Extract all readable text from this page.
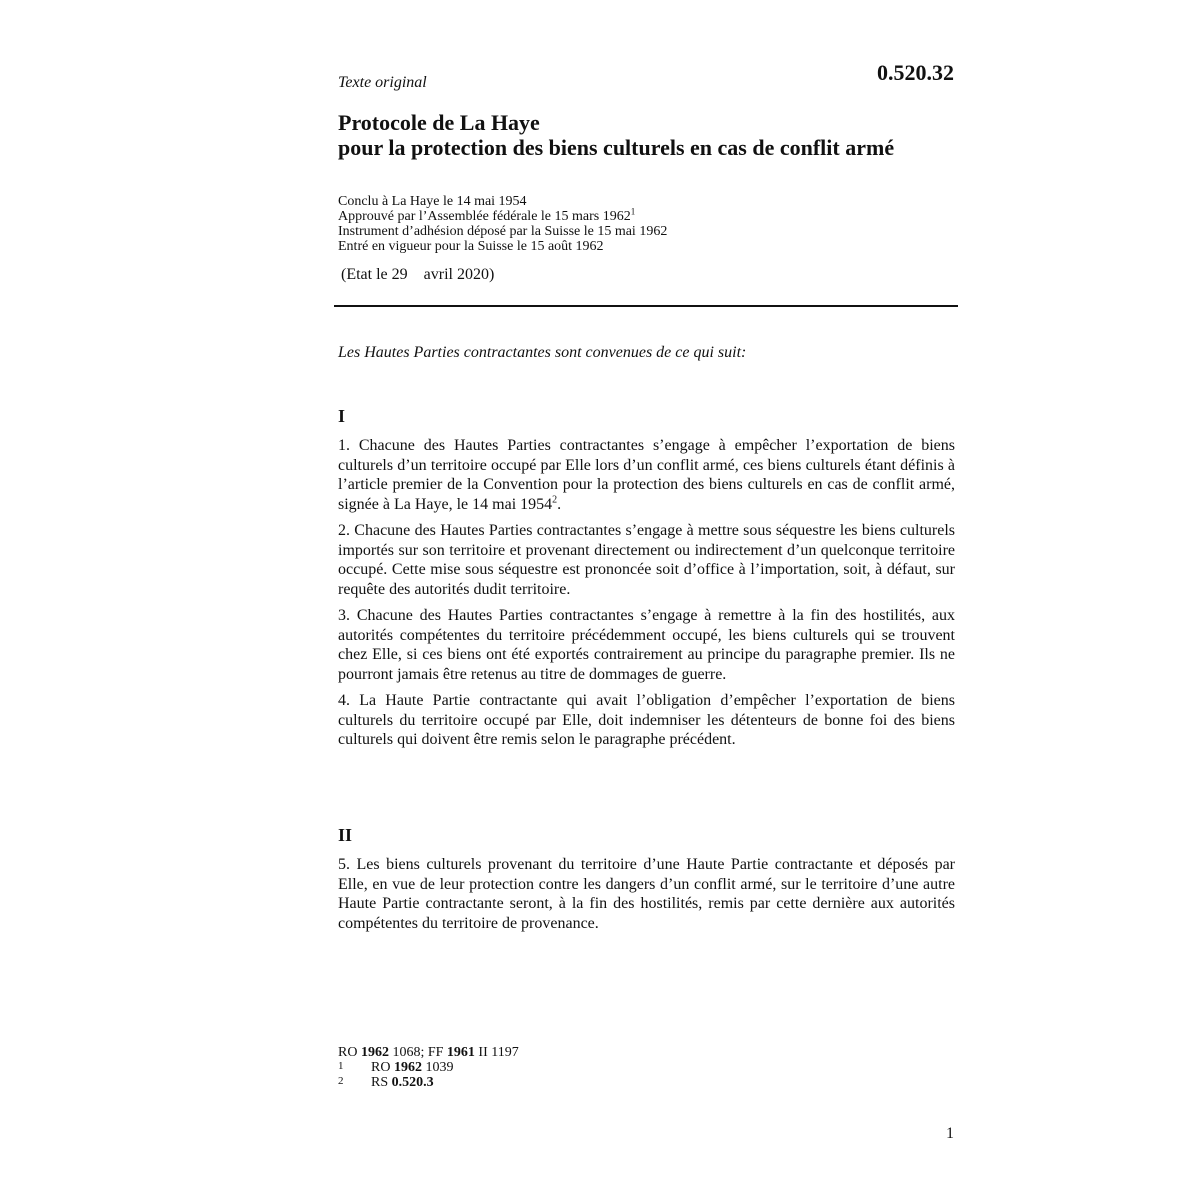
Texte original	0.520.32
Protocole de La Haye
pour la protection des biens culturels en cas de conflit armé
Conclu à La Haye le 14 mai 1954
Approuvé par l’Assemblée fédérale le 15 mars 1962$^1$
Instrument d’adhésion déposé par la Suisse le 15 mai 1962
Entré en vigueur pour la Suisse le 15 août 1962
(Etat le 29 avril 2020)
Les Hautes Parties contractantes sont convenues de ce qui suit:
I

1. Chacune des Hautes Parties contractantes s’engage à empêcher l’exportation de biens culturels d’un territoire occupé par Elle lors d’un conflit armé, ces biens culturels étant définis à l’article premier de la Convention pour la protection des biens culturels en cas de conflit armé, signée à La Haye, le 14 mai 1954$^2$.

2. Chacune des Hautes Parties contractantes s’engage à mettre sous séquestre les biens culturels importés sur son territoire et provenant directement ou indirectement d’un quelconque territoire occupé. Cette mise sous séquestre est prononcée soit d’office à l’importation, soit, à défaut, sur requête des autorités dudit territoire.

3. Chacune des Hautes Parties contractantes s’engage à remettre à la fin des hostilités, aux autorités compétentes du territoire précédemment occupé, les biens culturels qui se trouvent chez Elle, si ces biens ont été exportés contrairement au principe du paragraphe premier. Ils ne pourront jamais être retenus au titre de dommages de guerre.

4. La Haute Partie contractante qui avait l’obligation d’empêcher l’exportation de biens culturels du territoire occupé par Elle, doit indemniser les détenteurs de bonne foi des biens culturels qui doivent être remis selon le paragraphe précédent.

II

5. Les biens culturels provenant du territoire d’une Haute Partie contractante et déposés par Elle, en vue de leur protection contre les dangers d’un conflit armé, sur le territoire d’une autre Haute Partie contractante seront, à la fin des hostilités, remis par cette dernière aux autorités compétentes du territoire de provenance.

RO 1962 1068; FF 1961 II 1197
1 RO 1962 1039
2 RS 0.520.3
1
